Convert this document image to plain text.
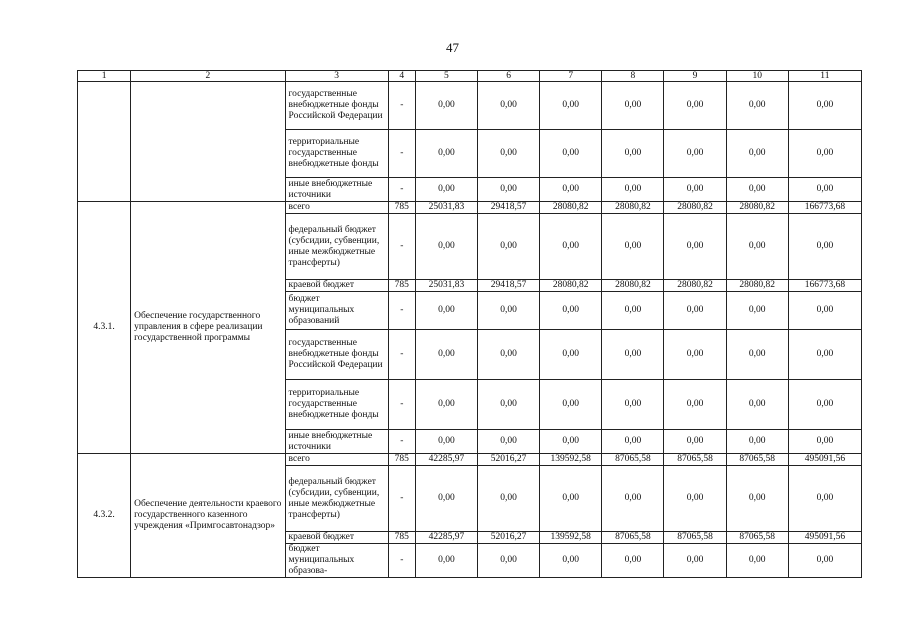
47
1	2	3	4	5	6	7	8	9	10	11
		государственные внебюджетные фонды Российской Федерации	-	0,00	0,00	0,00	0,00	0,00	0,00	0,00
		территориальные государственные внебюджетные фонды	-	0,00	0,00	0,00	0,00	0,00	0,00	0,00
		иные внебюджетные источники	-	0,00	0,00	0,00	0,00	0,00	0,00	0,00
4.3.1.	Обеспечение государственного управления в сфере реализации государственной программы	всего	785	25031,83	29418,57	28080,82	28080,82	28080,82	28080,82	166773,68
		федеральный бюджет (субсидии, субвенции, иные межбюджетные трансферты)	-	0,00	0,00	0,00	0,00	0,00	0,00	0,00
		краевой бюджет	785	25031,83	29418,57	28080,82	28080,82	28080,82	28080,82	166773,68
		бюджет муниципальных образований	-	0,00	0,00	0,00	0,00	0,00	0,00	0,00
		государственные внебюджетные фонды Российской Федерации	-	0,00	0,00	0,00	0,00	0,00	0,00	0,00
		территориальные государственные внебюджетные фонды	-	0,00	0,00	0,00	0,00	0,00	0,00	0,00
		иные внебюджетные источники	-	0,00	0,00	0,00	0,00	0,00	0,00	0,00
4.3.2.	Обеспечение деятельности краевого государственного казенного учреждения «Примгосавтонадзор»	всего	785	42285,97	52016,27	139592,58	87065,58	87065,58	87065,58	495091,56
		федеральный бюджет (субсидии, субвенции, иные межбюджетные трансферты)	-	0,00	0,00	0,00	0,00	0,00	0,00	0,00
		краевой бюджет	785	42285,97	52016,27	139592,58	87065,58	87065,58	87065,58	495091,56
		бюджет муниципальных образова-	-	0,00	0,00	0,00	0,00	0,00	0,00	0,00
